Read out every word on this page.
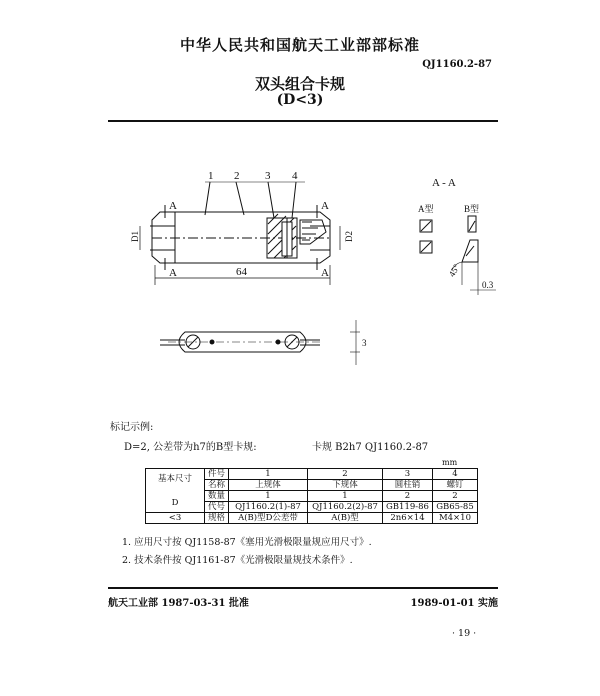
中华人民共和国航天工业部部标准
QJ1160.2-87
双头组合卡规
(D<3)
1 2 3 4
A
A
A
A
D1	D2
64
A - A
A型	B型
45°
0.3
3
标记示例:
D=2, 公差带为h7的B型卡规:	卡规 B2h7 QJ1160.2-87
mm
基本尺寸

D	件号	1	2	3	4
	名称	上规体	下规体	圆柱销	螺钉
	数量	1	1	2	2
	代号	QJ1160.2(1)-87	QJ1160.2(2)-87	GB119-86	GB65-85
<3	规格	A(B)型D公差带	A(B)型	2n6×14	M4×10
1. 应用尺寸按 QJ1158-87《塞用光滑极限量规应用尺寸》.
2. 技术条件按 QJ1161-87《光滑极限量规技术条件》.
航天工业部 1987-03-31 批准	1989-01-01 实施
· 19 ·
